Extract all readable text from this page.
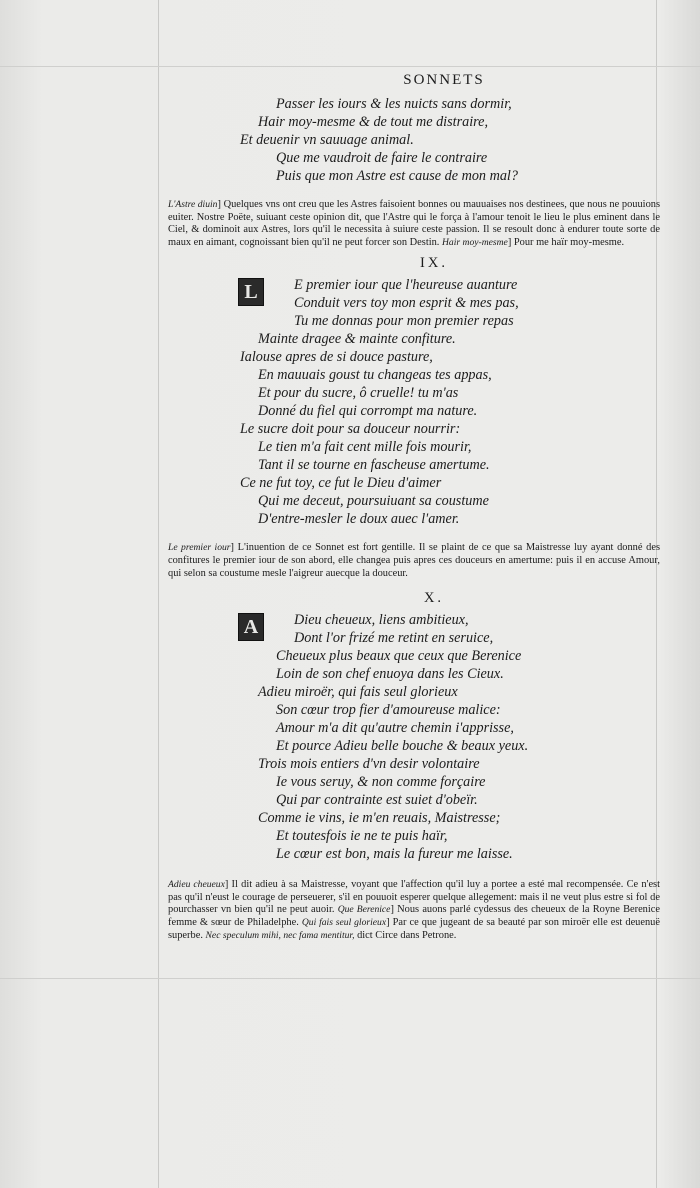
SONNETS
Passer les iours & les nuicts sans dormir,
Hair moy-mesme & de tout me distraire,
Et deuenir vn sauuage animal.
Que me vaudroit de faire le contraire
Puis que mon Astre est cause de mon mal?

L'Astre diuin] Quelques vns ont creu que les Astres faisoient bonnes ou mauuaises nos destinees, que nous ne pouuions euiter. Nostre Poëte, suiuant ceste opinion dit, que l'Astre qui le força à l'amour tenoit le lieu le plus eminent dans le Ciel, & dominoit aux Astres, lors qu'il le necessita à suiure ceste passion. Il se resoult donc à endurer toute sorte de maux en aimant, cognoissant bien qu'il ne peut forcer son Destin. Hair moy-mesme] Pour me haïr moy-mesme.

IX.
L	E premier iour que l'heureuse auanture
Conduit vers toy mon esprit & mes pas,
Tu me donnas pour mon premier repas
Mainte dragee & mainte confiture.
Ialouse apres de si douce pasture,
En mauuais goust tu changeas tes appas,
Et pour du sucre, ô cruelle! tu m'as
Donné du fiel qui corrompt ma nature.
Le sucre doit pour sa douceur nourrir:
Le tien m'a fait cent mille fois mourir,
Tant il se tourne en fascheuse amertume.
Ce ne fut toy, ce fut le Dieu d'aimer
Qui me deceut, poursuiuant sa coustume
D'entre-mesler le doux auec l'amer.

Le premier iour] L'inuention de ce Sonnet est fort gentille. Il se plaint de ce que sa Maistresse luy ayant donné des confitures le premier iour de son abord, elle changea puis apres ces douceurs en amertume: puis il en accuse Amour, qui selon sa coustume mesle l'aigreur auecque la douceur.

X.
A	Dieu cheueux, liens ambitieux,
Dont l'or frizé me retint en seruice,
Cheueux plus beaux que ceux que Berenice
Loin de son chef enuoya dans les Cieux.
Adieu miroër, qui fais seul glorieux
Son cœur trop fier d'amoureuse malice:
Amour m'a dit qu'autre chemin i'apprisse,
Et pource Adieu belle bouche & beaux yeux.
Trois mois entiers d'vn desir volontaire
Ie vous seruy, & non comme forçaire
Qui par contrainte est suiet d'obeïr.
Comme ie vins, ie m'en reuais, Maistresse;
Et toutesfois ie ne te puis haïr,
Le cœur est bon, mais la fureur me laisse.

Adieu cheueux] Il dit adieu à sa Maistresse, voyant que l'affection qu'il luy a portee a esté mal recompensée. Ce n'est pas qu'il n'eust le courage de perseuerer, s'il en pouuoit esperer quelque allegement: mais il ne veut plus estre si fol de pourchasser vn bien qu'il ne peut auoir. Que Berenice] Nous auons parlé cydessus des cheueux de la Royne Berenice femme & sœur de Philadelphe. Qui fais seul glorieux] Par ce que jugeant de sa beauté par son miroër elle est deuenuë superbe. Nec speculum mihi, nec fama mentitur, dict Circe dans Petrone.
